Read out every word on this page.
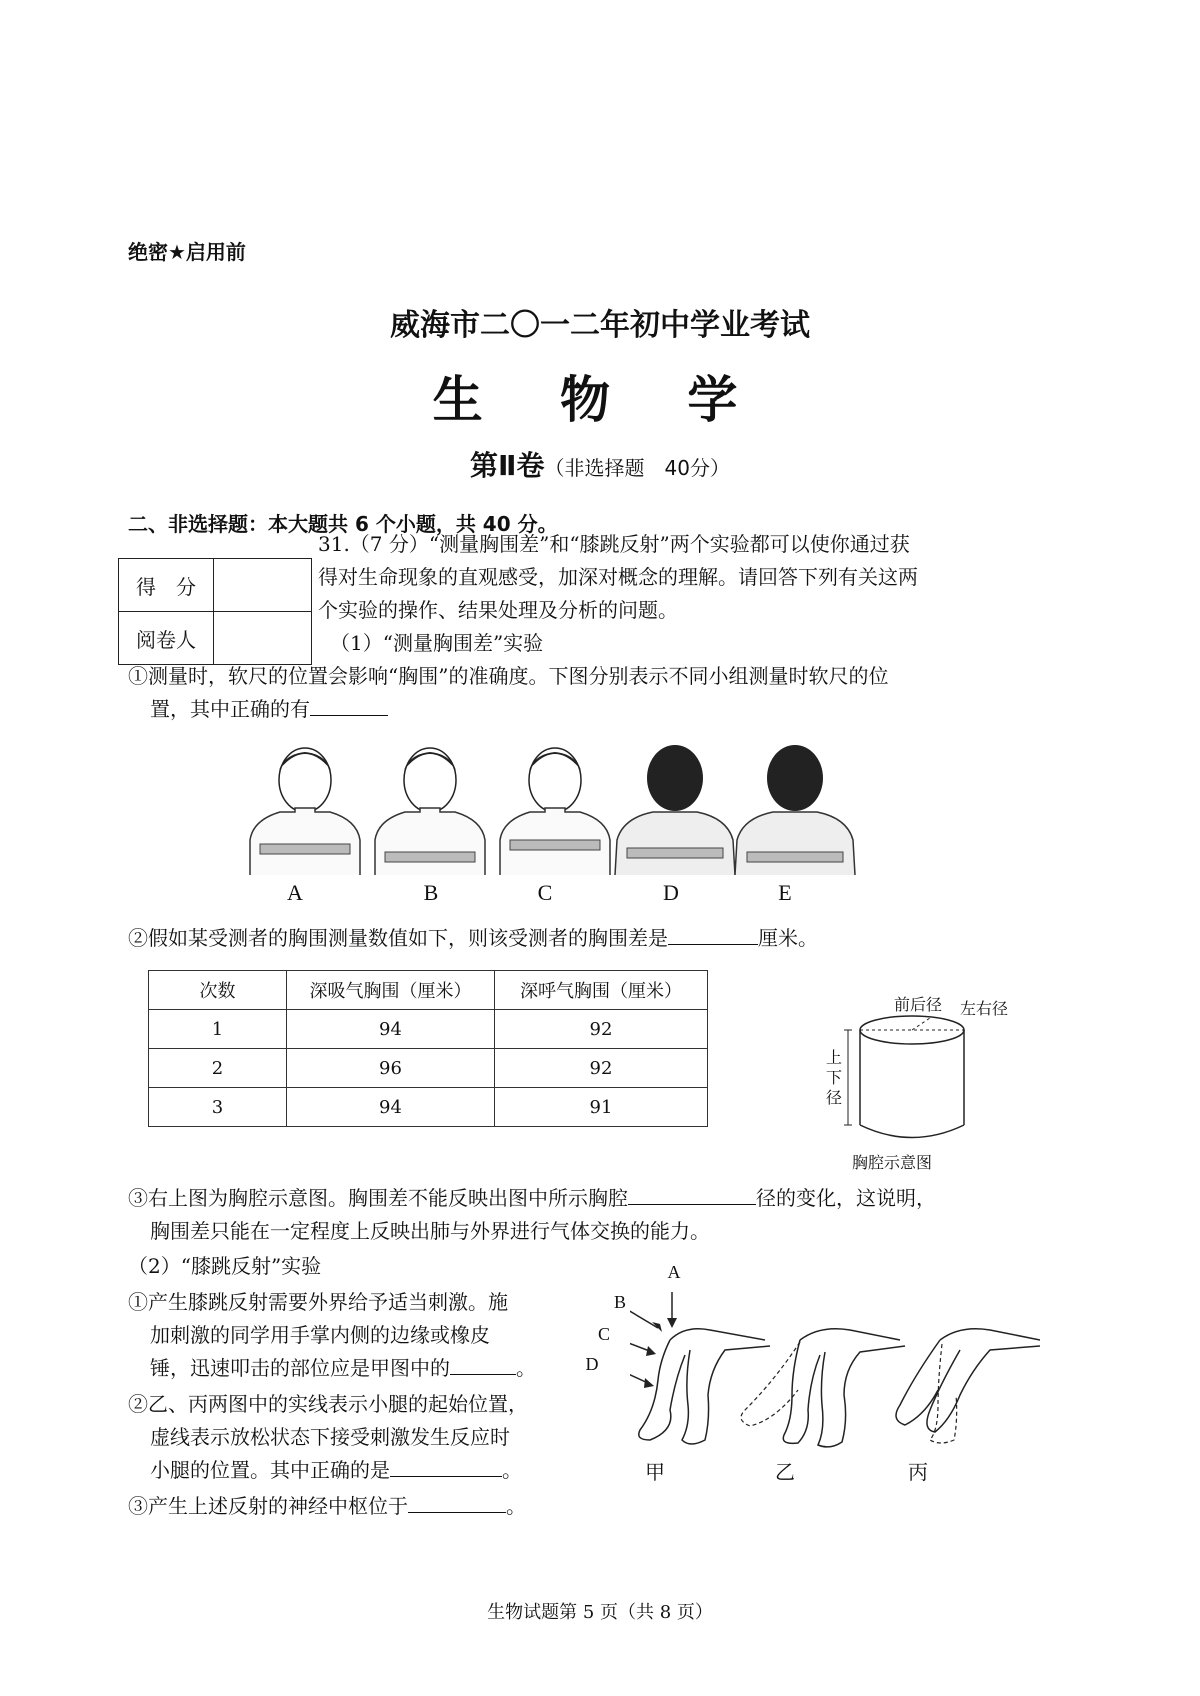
绝密★启用前
威海市二〇一二年初中学业考试
生 物 学
第Ⅱ卷（非选择题　40分）
二、非选择题：本大题共 6 个小题，共 40 分。
得　分	
阅卷人	
31.（7 分）“测量胸围差”和“膝跳反射”两个实验都可以使你通过获
得对生命现象的直观感受，加深对概念的理解。请回答下列有关这两
个实验的操作、结果处理及分析的问题。
（1）“测量胸围差”实验
①测量时，软尺的位置会影响“胸围”的准确度。下图分别表示不同小组测量时软尺的位
置，其中正确的有
A	B	C	D	E
②假如某受测者的胸围测量数值如下，则该受测者的胸围差是	厘米。
次数	深吸气胸围（厘米）	深呼气胸围（厘米）
1	94	92
2	96	92
3	94	91
前后径 左右径
上
下
径
胸腔示意图
③右上图为胸腔示意图。胸围差不能反映出图中所示胸腔	径的变化，这说明，
胸围差只能在一定程度上反映出肺与外界进行气体交换的能力。
（2）“膝跳反射”实验
①产生膝跳反射需要外界给予适当刺激。施
加刺激的同学用手掌内侧的边缘或橡皮
锤，迅速叩击的部位应是甲图中的	。
②乙、丙两图中的实线表示小腿的起始位置，
虚线表示放松状态下接受刺激发生反应时
小腿的位置。其中正确的是	。
③产生上述反射的神经中枢位于	。
A
B
C
D
甲	乙	丙
生物试题第 5 页（共 8 页）
